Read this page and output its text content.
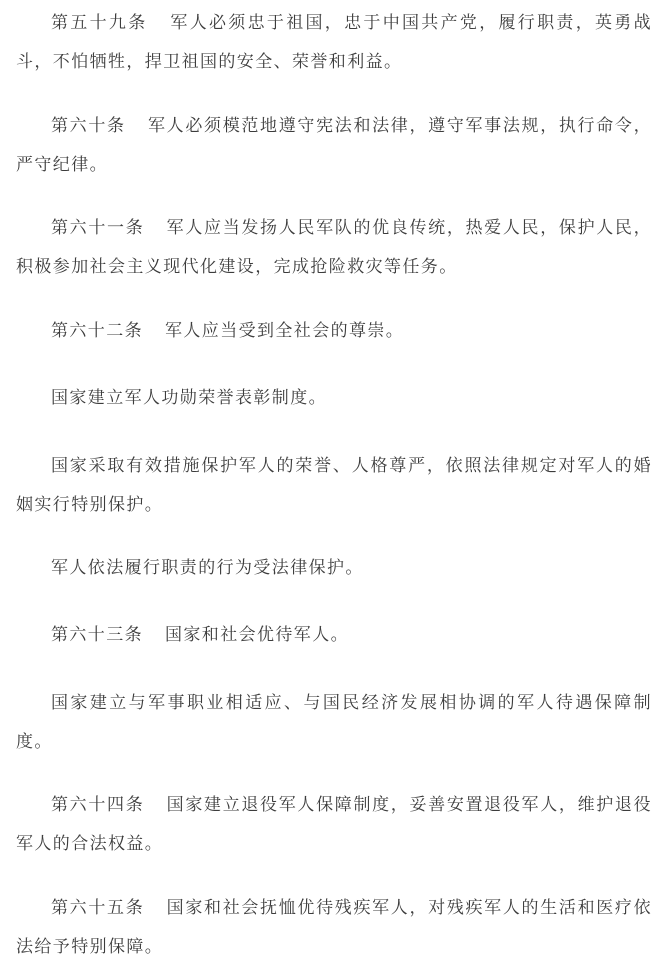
第五十九条 军人必须忠于祖国，忠于中国共产党，履行职责，英勇战斗，不怕牺牲，捍卫祖国的安全、荣誉和利益。

第六十条 军人必须模范地遵守宪法和法律，遵守军事法规，执行命令，严守纪律。

第六十一条 军人应当发扬人民军队的优良传统，热爱人民，保护人民，积极参加社会主义现代化建设，完成抢险救灾等任务。

第六十二条 军人应当受到全社会的尊崇。

国家建立军人功勋荣誉表彰制度。

国家采取有效措施保护军人的荣誉、人格尊严，依照法律规定对军人的婚姻实行特别保护。

军人依法履行职责的行为受法律保护。

第六十三条 国家和社会优待军人。

国家建立与军事职业相适应、与国民经济发展相协调的军人待遇保障制度。

第六十四条 国家建立退役军人保障制度，妥善安置退役军人，维护退役军人的合法权益。

第六十五条 国家和社会抚恤优待残疾军人，对残疾军人的生活和医疗依法给予特别保障。
